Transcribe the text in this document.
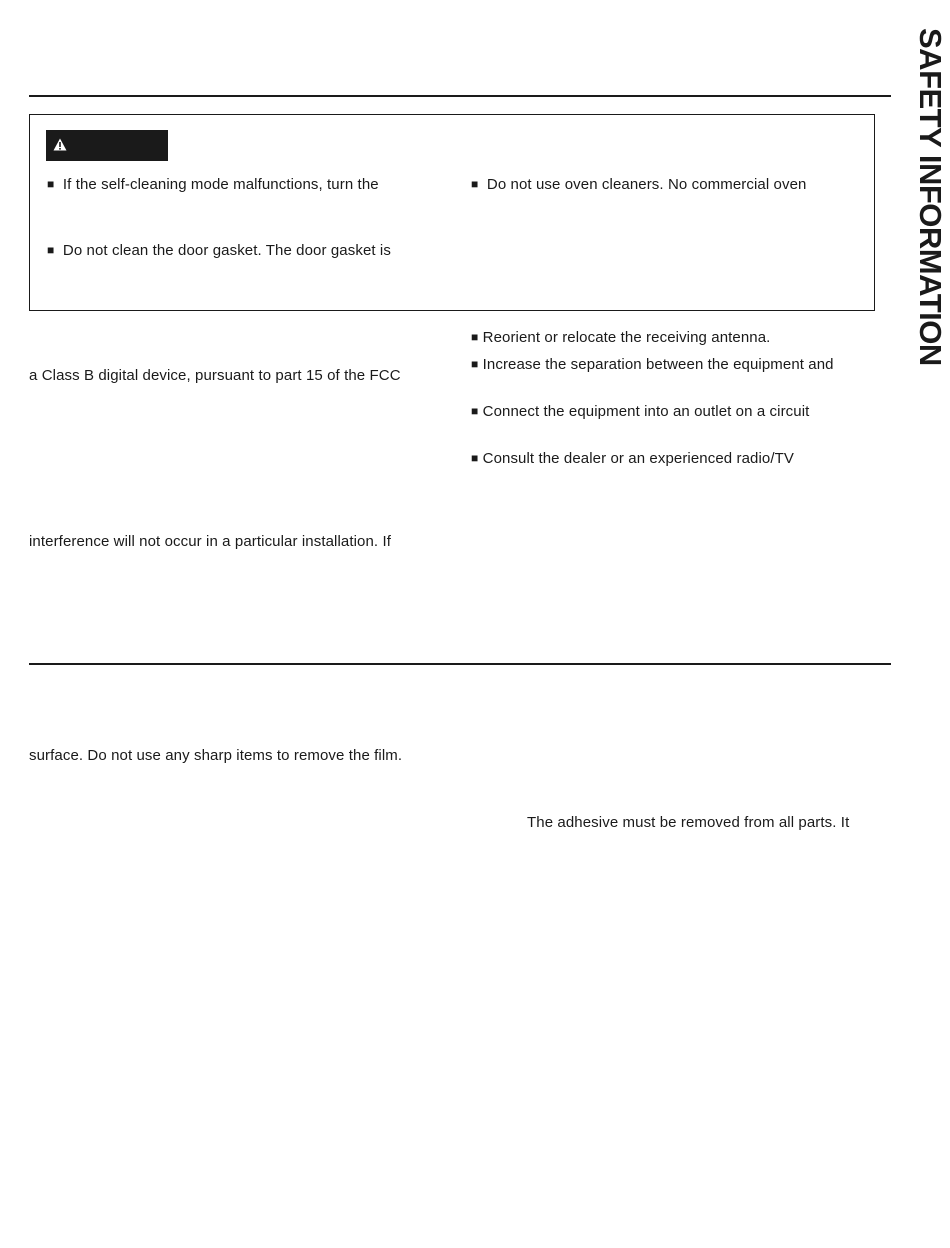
SAFETY INFORMATION
■ If the self-cleaning mode malfunctions, turn the
■ Do not clean the door gasket. The door gasket is
■ Do not use oven cleaners. No commercial oven
a Class B digital device, pursuant to part 15 of the FCC
interference will not occur in a particular installation. If
■ Reorient or relocate the receiving antenna.
■ Increase the separation between the equipment and
■ Connect the equipment into an outlet on a circuit
■ Consult the dealer or an experienced radio/TV
surface. Do not use any sharp items to remove the film.
The adhesive must be removed from all parts. It
